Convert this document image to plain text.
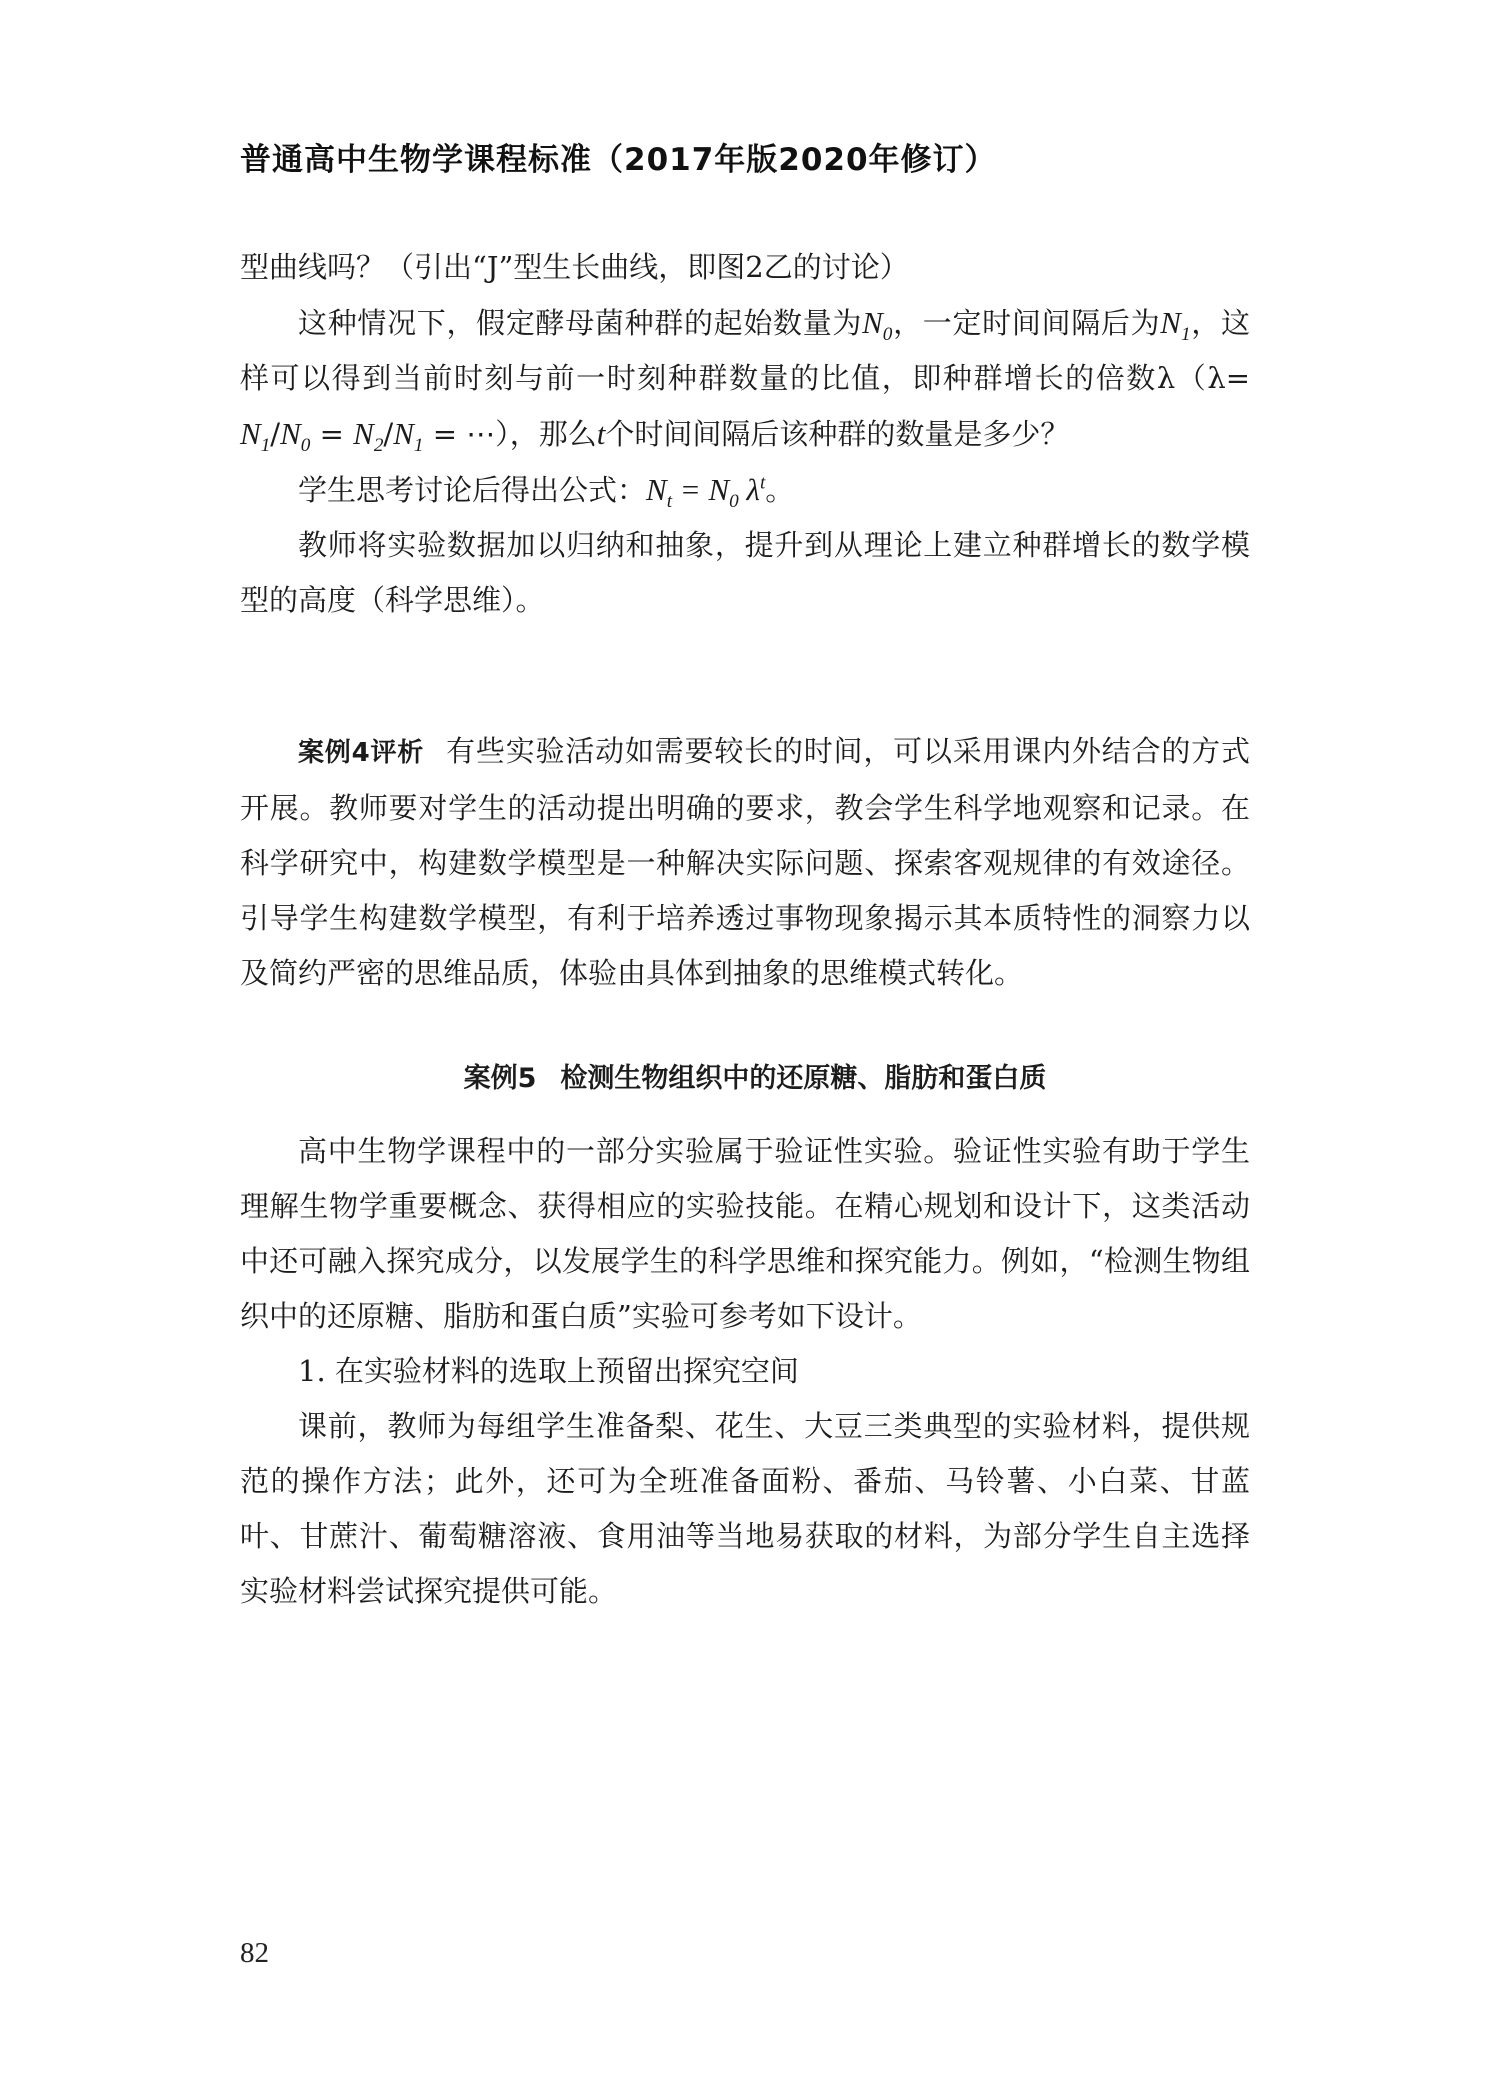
普通高中生物学课程标准（2017年版2020年修订）

型曲线吗？（引出“J”型生长曲线，即图2乙的讨论）

这种情况下，假定酵母菌种群的起始数量为$N_0$，一定时间间隔后为$N_1$，这样可以得到当前时刻与前一时刻种群数量的比值，即种群增长的倍数$\lambda(\lambda= N_1/N_0 = N_2/N_1$ = ⋯），那么t个时间间隔后该种群的数量是多少？

学生思考讨论后得出公式：$N_t = N_0$ $\lambda^t$。

教师将实验数据加以归纳和抽象，提升到从理论上建立种群增长的数学模型的高度（科学思维）。

案例4评析 有些实验活动如需要较长的时间，可以采用课内外结合的方式开展。教师要对学生的活动提出明确的要求，教会学生科学地观察和记录。在科学研究中，构建数学模型是一种解决实际问题、探索客观规律的有效途径。引导学生构建数学模型，有利于培养透过事物现象揭示其本质特性的洞察力以及简约严密的思维品质，体验由具体到抽象的思维模式转化。

案例5 检测生物组织中的还原糖、脂肪和蛋白质

高中生物学课程中的一部分实验属于验证性实验。验证性实验有助于学生理解生物学重要概念、获得相应的实验技能。在精心规划和设计下，这类活动中还可融入探究成分，以发展学生的科学思维和探究能力。例如，“检测生物组织中的还原糖、脂肪和蛋白质”实验可参考如下设计。

1. 在实验材料的选取上预留出探究空间

课前，教师为每组学生准备梨、花生、大豆三类典型的实验材料，提供规范的操作方法；此外，还可为全班准备面粉、番茄、马铃薯、小白菜、甘蓝叶、甘蔗汁、葡萄糖溶液、食用油等当地易获取的材料，为部分学生自主选择实验材料尝试探究提供可能。

82
